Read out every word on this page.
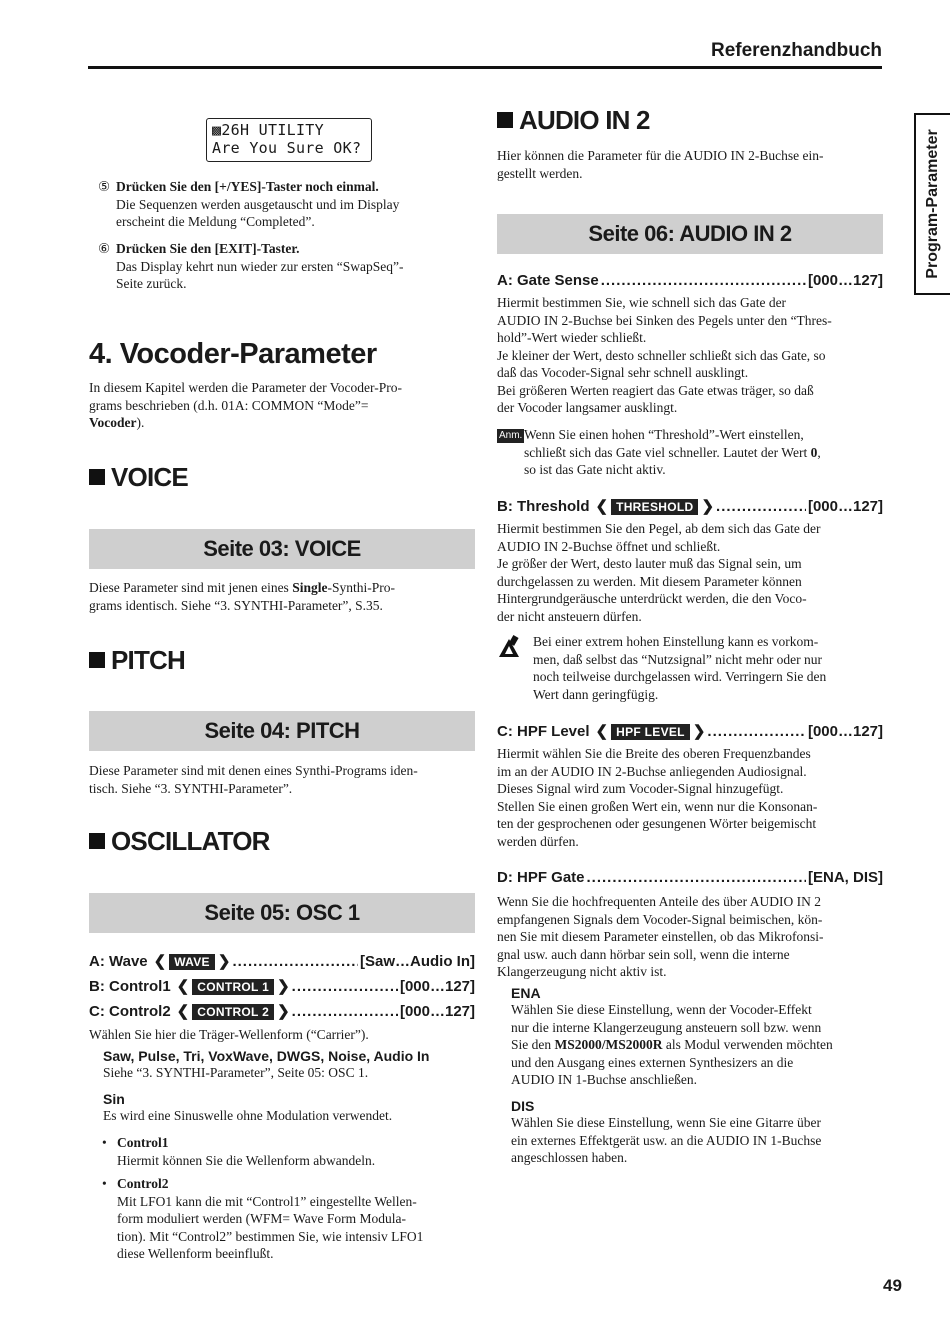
Referenzhandbuch
Program-Parameter
▩26H UTILITY
Are You Sure OK?
⑤ Drücken Sie den [+/YES]-Taster noch einmal.
Die Sequenzen werden ausgetauscht und im Display
erscheint die Meldung “Completed”.
⑥ Drücken Sie den [EXIT]-Taster.
Das Display kehrt nun wieder zur ersten “SwapSeq”-
Seite zurück.
4. Vocoder-Parameter
In diesem Kapitel werden die Parameter der Vocoder-Pro-
grams beschrieben (d.h. 01A: COMMON “Mode”=
Vocoder).
VOICE
Seite 03: VOICE
Diese Parameter sind mit jenen eines Single-Synthi-Pro-
grams identisch. Siehe “3. SYNTHI-Parameter”, S.35.
PITCH
Seite 04: PITCH
Diese Parameter sind mit denen eines Synthi-Programs iden-
tisch. Siehe “3. SYNTHI-Parameter”.
OSCILLATOR
Seite 05: OSC 1
A: Wave ❮ WAVE ❯ .....	[Saw…Audio In]
B: Control1 ❮ CONTROL 1 ❯ .....	[000…127]
C: Control2 ❮ CONTROL 2 ❯ .....	[000…127]
Wählen Sie hier die Träger-Wellenform (“Carrier”).
Saw, Pulse, Tri, VoxWave, DWGS, Noise, Audio In
Siehe “3. SYNTHI-Parameter”, Seite 05: OSC 1.
Sin
Es wird eine Sinuswelle ohne Modulation verwendet.
• Control1
Hiermit können Sie die Wellenform abwandeln.
• Control2
Mit LFO1 kann die mit “Control1” eingestellte Wellen-
form moduliert werden (WFM= Wave Form Modula-
tion). Mit “Control2” bestimmen Sie, wie intensiv LFO1
diese Wellenform beeinflußt.
AUDIO IN 2
Hier können die Parameter für die AUDIO IN 2-Buchse ein-
gestellt werden.
Seite 06: AUDIO IN 2
A: Gate Sense .....	[000…127]
Hiermit bestimmen Sie, wie schnell sich das Gate der
AUDIO IN 2-Buchse bei Sinken des Pegels unter den “Thres-
hold”-Wert wieder schließt.
Je kleiner der Wert, desto schneller schließt sich das Gate, so
daß das Vocoder-Signal sehr schnell ausklingt.
Bei größeren Werten reagiert das Gate etwas träger, so daß
der Vocoder langsamer ausklingt.
Anm. Wenn Sie einen hohen “Threshold”-Wert einstellen,
schließt sich das Gate viel schneller. Lautet der Wert 0,
so ist das Gate nicht aktiv.
B: Threshold ❮ THRESHOLD ❯ .....	[000…127]
Hiermit bestimmen Sie den Pegel, ab dem sich das Gate der
AUDIO IN 2-Buchse öffnet und schließt.
Je größer der Wert, desto lauter muß das Signal sein, um
durchgelassen zu werden. Mit diesem Parameter können
Hintergrundgeräusche unterdrückt werden, die den Voco-
der nicht ansteuern dürfen.
Bei einer extrem hohen Einstellung kann es vorkom-
men, daß selbst das “Nutzsignal” nicht mehr oder nur
noch teilweise durchgelassen wird. Verringern Sie den
Wert dann geringfügig.
C: HPF Level ❮ HPF LEVEL ❯ .....	[000…127]
Hiermit wählen Sie die Breite des oberen Frequenzbandes
im an der AUDIO IN 2-Buchse anliegenden Audiosignal.
Dieses Signal wird zum Vocoder-Signal hinzugefügt.
Stellen Sie einen großen Wert ein, wenn nur die Konsonan-
ten der gesprochenen oder gesungenen Wörter beigemischt
werden dürfen.
D: HPF Gate .....	[ENA, DIS]
Wenn Sie die hochfrequenten Anteile des über AUDIO IN 2
empfangenen Signals dem Vocoder-Signal beimischen, kön-
nen Sie mit diesem Parameter einstellen, ob das Mikrofonsi-
gnal usw. auch dann hörbar sein soll, wenn die interne
Klangerzeugung nicht aktiv ist.
ENA
Wählen Sie diese Einstellung, wenn der Vocoder-Effekt
nur die interne Klangerzeugung ansteuern soll bzw. wenn
Sie den MS2000/MS2000R als Modul verwenden möchten
und den Ausgang eines externen Synthesizers an die
AUDIO IN 1-Buchse anschließen.
DIS
Wählen Sie diese Einstellung, wenn Sie eine Gitarre über
ein externes Effektgerät usw. an die AUDIO IN 1-Buchse
angeschlossen haben.
49
